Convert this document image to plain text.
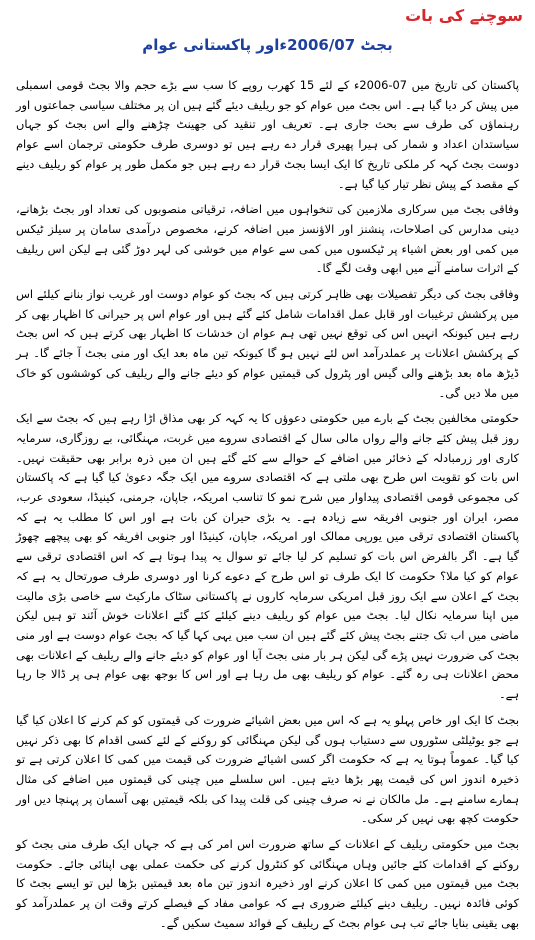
سوچنے کی بات
بجٹ 2006/07ءاور پاکستانی عوام

پاکستان کی تاریخ میں 07-2006ء کے لئے 15 کھرب روپے کا سب سے بڑے حجم والا بجٹ قومی اسمبلی میں پیش کر دیا گیا ہے۔ اس بجٹ میں عوام کو جو ریلیف دیئے گئے ہیں ان پر مختلف سیاسی جماعتوں اور رہنماؤں کی طرف سے بحث جاری ہے۔ تعریف اور تنقید کی جھینٹ چڑھنے والے اس بجٹ کو جہاں سیاستدان اعداد و شمار کی ہیرا پھیری قرار دے رہے ہیں تو دوسری طرف حکومتی ترجمان اسے عوام دوست بجٹ کہہ کر ملکی تاریخ کا ایک ایسا بجٹ قرار دے رہے ہیں جو مکمل طور پر عوام کو ریلیف دینے کے مقصد کے پیش نظر تیار کیا گیا ہے۔

وفاقی بجٹ میں سرکاری ملازمین کی تنخواہوں میں اضافہ، ترقیاتی منصوبوں کی تعداد اور بجٹ بڑھانے، دینی مدارس کی اصلاحات، پنشنز اور الاؤنسز میں اضافہ کرنے، مخصوص درآمدی سامان پر سیلز ٹیکس میں کمی اور بعض اشیاء پر ٹیکسوں میں کمی سے عوام میں خوشی کی لہر دوڑ گئی ہے لیکن اس ریلیف کے اثرات سامنے آنے میں ابھی وقت لگے گا۔

وفاقی بجٹ کی دیگر تفصیلات بھی ظاہر کرتی ہیں کہ بجٹ کو عوام دوست اور غریب نواز بنانے کیلئے اس میں پرکشش ترغیبات اور قابل عمل اقدامات شامل کئے گئے ہیں اور عوام اس پر حیرانی کا اظہار بھی کر رہے ہیں کیونکہ انہیں اس کی توقع نہیں تھی ہم عوام ان خدشات کا اظہار بھی کرتے ہیں کہ اس بجٹ کے پرکشش اعلانات پر عملدرآمد اس لئے نہیں ہو گا کیونکہ تین ماہ بعد ایک اور منی بجٹ آ جائے گا۔ ہر ڈیڑھ ماہ بعد بڑھنے والی گیس اور پٹرول کی قیمتیں عوام کو دیئے جانے والے ریلیف کی کوششوں کو خاک میں ملا دیں گی۔

حکومتی مخالفین بجٹ کے بارے میں حکومتی دعوؤں کا یہ کہہ کر بھی مذاق اڑا رہے ہیں کہ بجٹ سے ایک روز قبل پیش کئے جانے والے رواں مالی سال کے اقتصادی سروے میں غربت، مہنگائی، بے روزگاری، سرمایہ کاری اور زرمبادلہ کے ذخائر میں اضافے کے حوالے سے کئے گئے ہیں ان میں ذرہ برابر بھی حقیقت نہیں۔ اس بات کو تقویت اس طرح بھی ملتی ہے کہ اقتصادی سروے میں ایک جگہ دعویٰ کیا گیا ہے کہ پاکستان کی مجموعی قومی اقتصادی پیداوار میں شرح نمو کا تناسب امریکہ، جاپان، جرمنی، کینیڈا، سعودی عرب، مصر، ایران اور جنوبی افریقہ سے زیادہ ہے۔ یہ بڑی حیران کن بات ہے اور اس کا مطلب یہ ہے کہ پاکستان اقتصادی ترقی میں یورپی ممالک اور امریکہ، جاپان، کینیڈا اور جنوبی افریقہ کو بھی پیچھے چھوڑ گیا ہے۔ اگر بالفرض اس بات کو تسلیم کر لیا جائے تو سوال یہ پیدا ہوتا ہے کہ اس اقتصادی ترقی سے عوام کو کیا ملا؟ حکومت کا ایک طرف تو اس طرح کے دعوے کرنا اور دوسری طرف صورتحال یہ ہے کہ بجٹ کے اعلان سے ایک روز قبل امریکی سرمایہ کاروں نے پاکستانی سٹاک مارکیٹ سے خاصی بڑی مالیت میں اپنا سرمایہ نکال لیا۔ بجٹ میں عوام کو ریلیف دینے کیلئے کئے گئے اعلانات خوش آئند تو ہیں لیکن ماضی میں اب تک جتنے بجٹ پیش کئے گئے ہیں ان سب میں یہی کہا گیا کہ بجٹ عوام دوست ہے اور منی بجٹ کی ضرورت نہیں پڑے گی لیکن ہر بار منی بجٹ آیا اور عوام کو دیئے جانے والے ریلیف کے اعلانات بھی محض اعلانات ہی رہ گئے۔ عوام کو ریلیف بھی مل رہا ہے اور اس کا بوجھ بھی عوام ہی پر ڈالا جا رہا ہے۔

بجٹ کا ایک اور خاص پہلو یہ ہے کہ اس میں بعض اشیائے ضرورت کی قیمتوں کو کم کرنے کا اعلان کیا گیا ہے جو یوٹیلٹی سٹوروں سے دستیاب ہوں گی لیکن مہنگائی کو روکنے کے لئے کسی اقدام کا بھی ذکر نہیں کیا گیا۔ عموماً ہوتا یہ ہے کہ حکومت اگر کسی اشیائے ضرورت کی قیمت میں کمی کا اعلان کرتی ہے تو ذخیرہ اندوز اس کی قیمت پھر بڑھا دیتے ہیں۔ اس سلسلے میں چینی کی قیمتوں میں اضافے کی مثال ہمارے سامنے ہے۔ مل مالکان نے نہ صرف چینی کی قلت پیدا کی بلکہ قیمتیں بھی آسمان پر پہنچا دیں اور حکومت کچھ بھی نہیں کر سکی۔

بجٹ میں حکومتی ریلیف کے اعلانات کے ساتھ ضرورت اس امر کی ہے کہ جہاں ایک طرف منی بجٹ کو روکنے کے اقدامات کئے جائیں وہاں مہنگائی کو کنٹرول کرنے کی حکمت عملی بھی اپنائی جائے۔ حکومت بجٹ میں قیمتوں میں کمی کا اعلان کرنے اور ذخیرہ اندوز تین ماہ بعد قیمتیں بڑھا لیں تو ایسے بجٹ کا کوئی فائدہ نہیں۔ ریلیف دینے کیلئے ضروری ہے کہ عوامی مفاد کے فیصلے کرتے وقت ان پر عملدرآمد کو بھی یقینی بنایا جائے تب ہی عوام بجٹ کے ریلیف کے فوائد سمیٹ سکیں گے۔
